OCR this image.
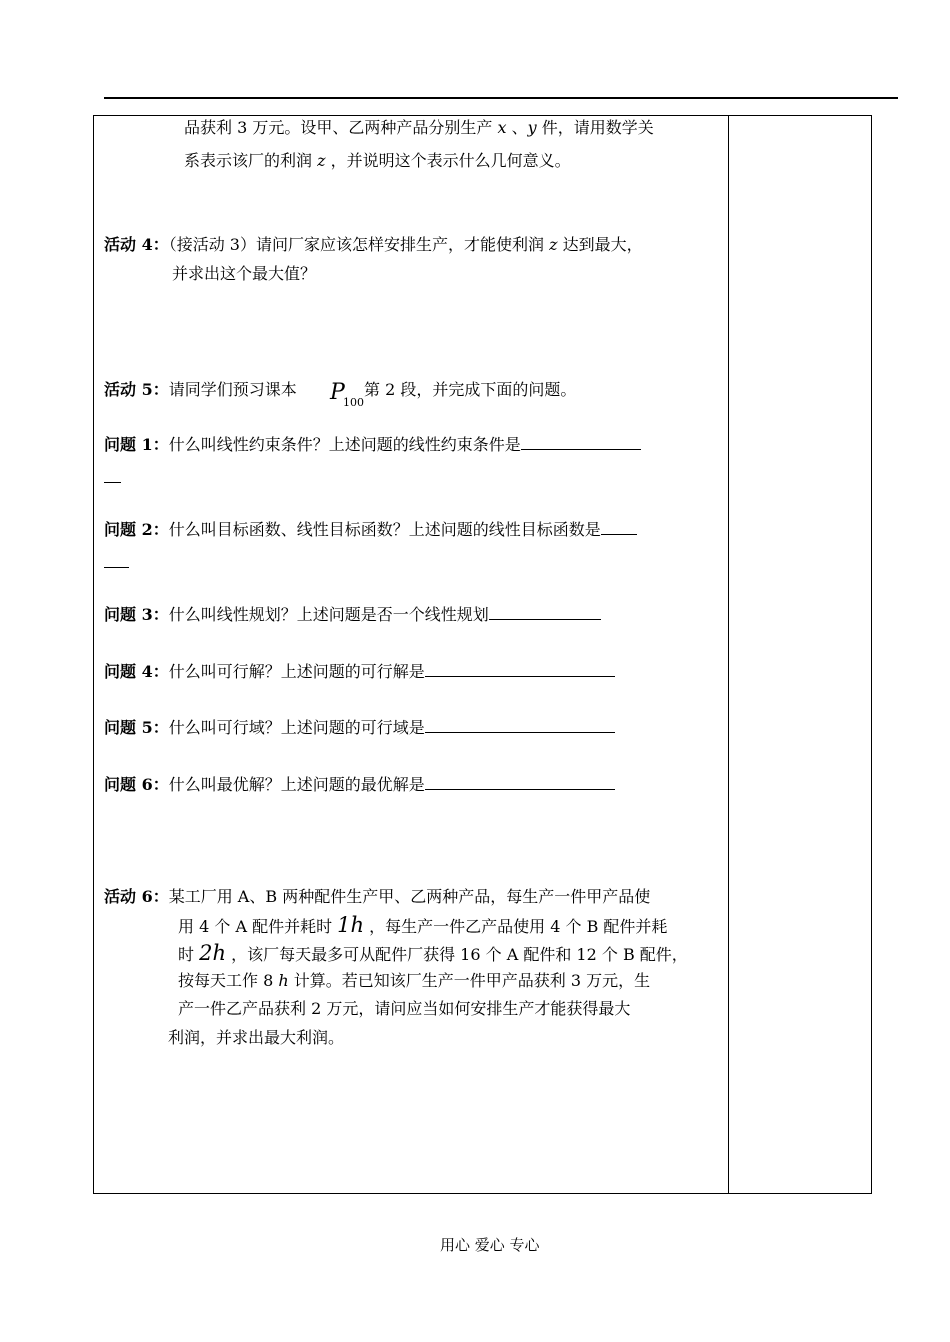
品获利 3 万元。设甲、乙两种产品分别生产 x 、y 件，请用数学关
系表示该厂的利润 z ，并说明这个表示什么几何意义。
活动 4：（接活动 3）请问厂家应该怎样安排生产，才能使利润 z 达到最大，
并求出这个最大值？
活动 5：请同学们预习课本 P
100
第 2 段，并完成下面的问题。
问题 1：什么叫线性约束条件？上述问题的线性约束条件是
问题 2：什么叫目标函数、线性目标函数？上述问题的线性目标函数是
问题 3：什么叫线性规划？上述问题是否一个线性规划
问题 4：什么叫可行解？上述问题的可行解是
问题 5：什么叫可行域？上述问题的可行域是
问题 6：什么叫最优解？上述问题的最优解是
活动 6：某工厂用 A、B 两种配件生产甲、乙两种产品，每生产一件甲产品使
用 4 个 A 配件并耗时 1h ，每生产一件乙产品使用 4 个 B 配件并耗
时 2h ，该厂每天最多可从配件厂获得 16 个 A 配件和 12 个 B 配件，
按每天工作 8 h 计算。若已知该厂生产一件甲产品获利 3 万元，生
产一件乙产品获利 2 万元，请问应当如何安排生产才能获得最大
利润，并求出最大利润。
用心 爱心 专心
